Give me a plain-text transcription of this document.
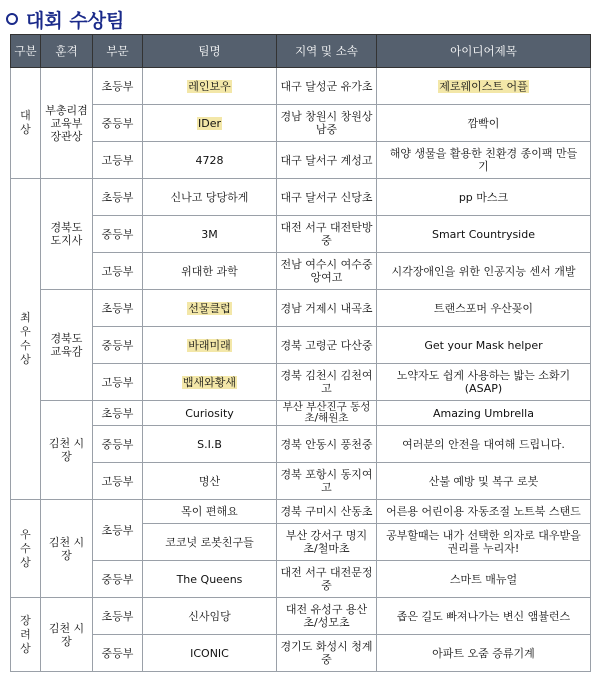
대회 수상팀
구분	훈격	부문	팀명	지역 및 소속	아이디어제목
대상	부총리겸 교육부 장관상	초등부	레인보우	대구 달성군 유가초	제로웨이스트 어플
		중등부	IDer	경남 창원시 창원상남중	깜빡이
		고등부	4728	대구 달서구 계성고	해양 생물을 활용한 친환경 종이팩 만들기
최우수상	경북도 도지사	초등부	신나고 당당하게	대구 달서구 신당초	pp 마스크
		중등부	3M	대전 서구 대전탄방중	Smart Countryside
		고등부	위대한 과학	전남 여수시 여수중앙여고	시각장애인을 위한 인공지능 센서 개발
	경북도 교육감	초등부	선물클럽	경남 거제시 내곡초	트랜스포머 우산꽂이
		중등부	바래미래	경북 고령군 다산중	Get your Mask helper
		고등부	뱁새와황새	경북 김천시 김천여고	노약자도 쉽게 사용하는 밟는 소화기(ASAP)
	김천 시장	초등부	Curiosity	부산 부산진구 동성초/해원초	Amazing Umbrella
		중등부	S.I.B	경북 안동시 풍천중	여러분의 안전을 대여해 드립니다.
		고등부	명산	경북 포항시 동지여고	산불 예방 및 복구 로봇
우수상	김천 시장	초등부	목이 편해요	경북 구미시 산동초	어른용 어린이용 자동조절 노트북 스탠드
			코코넛 로봇친구들	부산 강서구 명지초/철마초	공부할때는 내가 선택한 의자로 대우받을 권리를 누리자!
		중등부	The Queens	대전 서구 대전문정중	스마트 매뉴얼
장려상	김천 시장	초등부	신사임당	대전 유성구 용산초/성모초	좁은 길도 빠져나가는 변신 앰뷸런스
		중등부	ICONIC	경기도 화성시 청계중	아파트 오줌 증류기계
